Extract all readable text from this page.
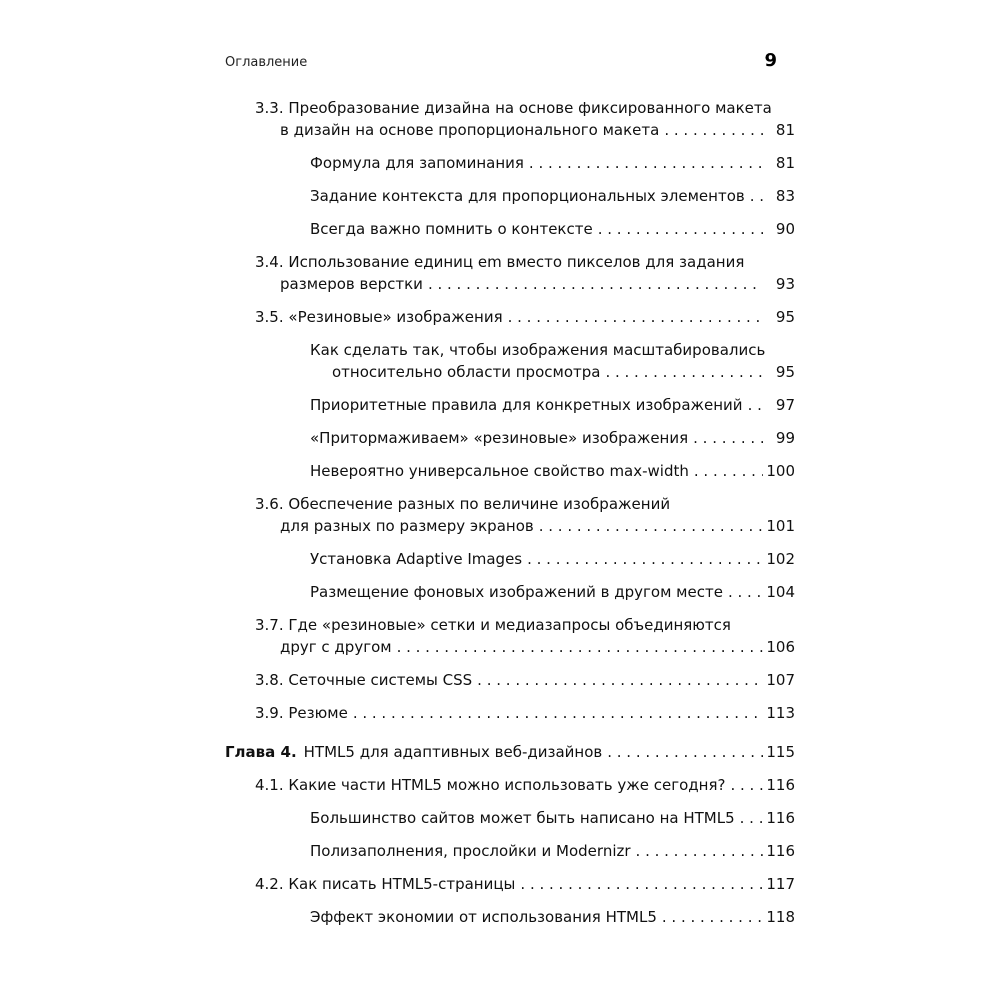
Оглавление	9
3.3. Преобразование дизайна на основе фиксированного макета
в дизайн на основе пропорционального макета . . .	81
Формула для запоминания . . .	81
Задание контекста для пропорциональных элементов . . .	83
Всегда важно помнить о контексте . . .	90
3.4. Использование единиц em вместо пикселов для задания
размеров верстки . . .	93
3.5. «Резиновые» изображения . . .	95
Как сделать так, чтобы изображения масштабировались
относительно области просмотра . . .	95
Приоритетные правила для конкретных изображений . . .	97
«Притормаживаем» «резиновые» изображения . . .	99
Невероятно универсальное свойство max-width . . .	100
3.6. Обеспечение разных по величине изображений
для разных по размеру экранов . . .	101
Установка Adaptive Images . . .	102
Размещение фоновых изображений в другом месте . . .	104
3.7. Где «резиновые» сетки и медиазапросы объединяются
друг с другом . . .	106
3.8. Сеточные системы CSS . . .	107
3.9. Резюме . . .	113
Глава 4. HTML5 для адаптивных веб-дизайнов . . .	115
4.1. Какие части HTML5 можно использовать уже сегодня? . . .	116
Большинство сайтов может быть написано на HTML5 . . . 116
Полизаполнения, прослойки и Modernizr . . .	116
4.2. Как писать HTML5-страницы . . .	117
Эффект экономии от использования HTML5 . . .	118
